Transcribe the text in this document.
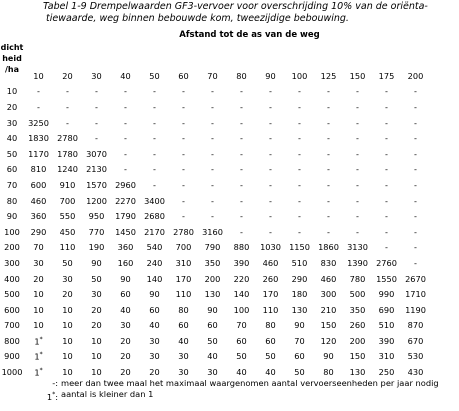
Tabel 1-9 Drempelwaarden GF3-vervoer voor overschrijding 10% van de oriënta-
tiewaarde, weg binnen bebouwde kom, tweezijdige bebouwing.
Afstand tot de as van de weg
dicht
heid
/ha
	10	20	30	40	50	60	70	80	90	100	125	150	175	200
10	-	-	-	-	-	-	-	-	-	-	-	-	-	-
20	-	-	-	-	-	-	-	-	-	-	-	-	-	-
30	3250	-	-	-	-	-	-	-	-	-	-	-	-	-
40	1830	2780	-	-	-	-	-	-	-	-	-	-	-	-
50	1170	1780	3070	-	-	-	-	-	-	-	-	-	-	-
60	810	1240	2130	-	-	-	-	-	-	-	-	-	-	-
70	600	910	1570	2960	-	-	-	-	-	-	-	-	-	-
80	460	700	1200	2270	3400	-	-	-	-	-	-	-	-	-
90	360	550	950	1790	2680	-	-	-	-	-	-	-	-	-
100	290	450	770	1450	2170	2780	3160	-	-	-	-	-	-	-
200	70	110	190	360	540	700	790	880	1030	1150	1860	3130	-	-
300	30	50	90	160	240	310	350	390	460	510	830	1390	2760	-
400	20	30	50	90	140	170	200	220	260	290	460	780	1550	2670
500	10	20	30	60	90	110	130	140	170	180	300	500	990	1710
600	10	10	20	40	60	80	90	100	110	130	210	350	690	1190
700	10	10	20	30	40	60	60	70	80	90	150	260	510	870
800	1*	10	10	20	30	40	50	60	60	70	120	200	390	670
900	1*	10	10	20	30	30	40	50	50	60	90	150	310	530
1000	1*	10	10	20	20	30	30	40	40	50	80	130	250	430
-: meer dan twee maal het maximaal waargenomen aantal vervoerseenheden per jaar nodig
1*: aantal is kleiner dan 1
